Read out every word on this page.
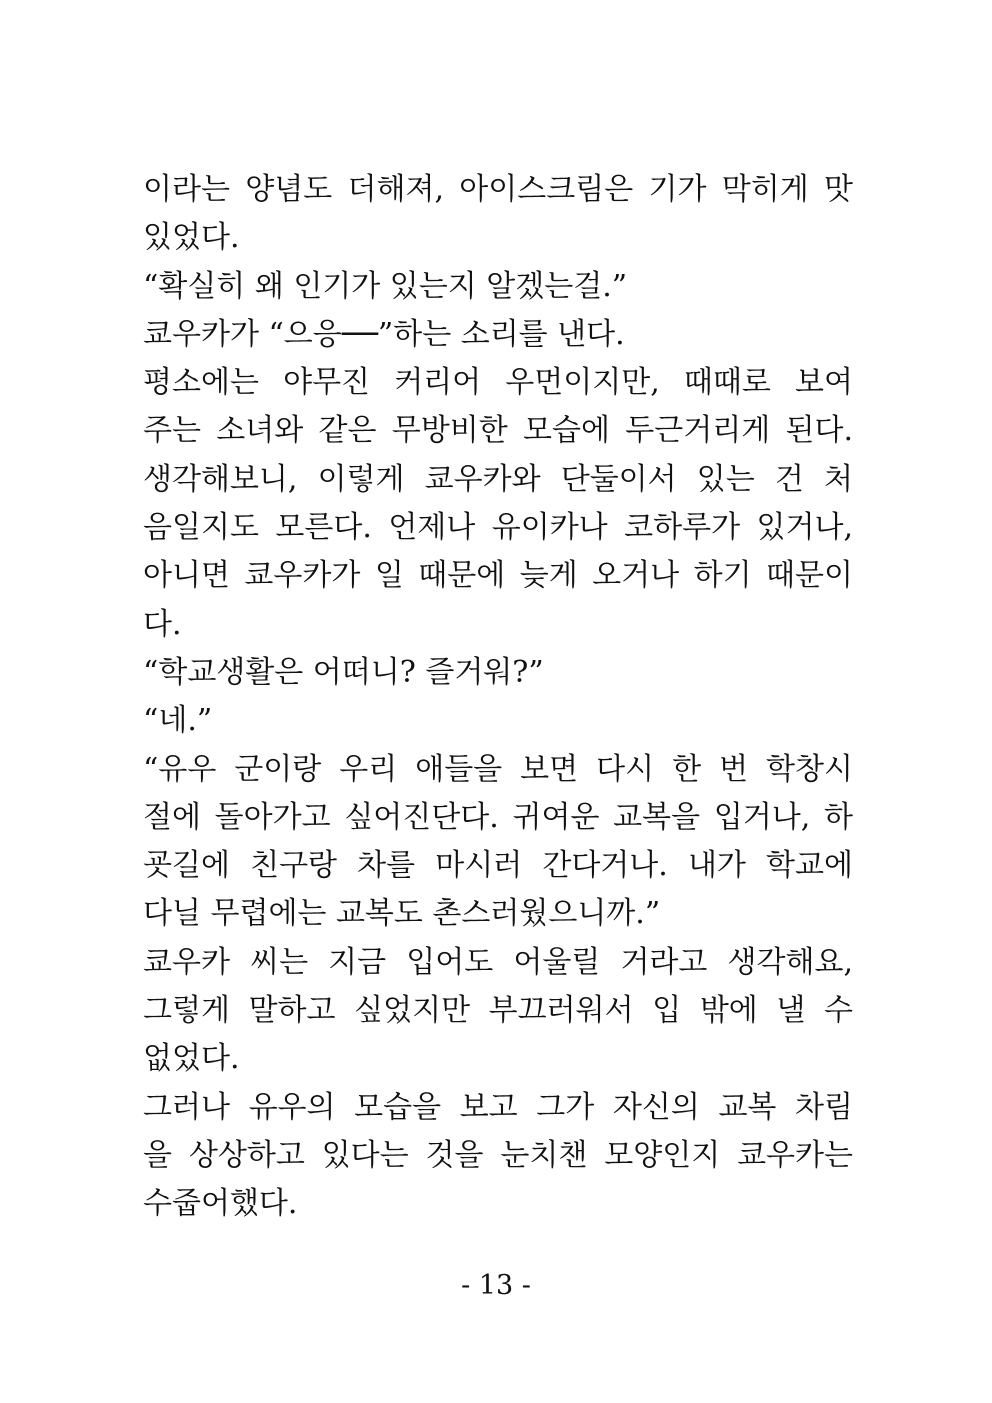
이라는 양념도 더해져, 아이스크림은 기가 막히게 맛
있었다.
“확실히 왜 인기가 있는지 알겠는걸.”
쿄우카가 “으응──”하는 소리를 낸다.
평소에는 야무진 커리어 우먼이지만, 때때로 보여
주는 소녀와 같은 무방비한 모습에 두근거리게 된다.
생각해보니, 이렇게 쿄우카와 단둘이서 있는 건 처
음일지도 모른다. 언제나 유이카나 코하루가 있거나,
아니면 쿄우카가 일 때문에 늦게 오거나 하기 때문이
다.
“학교생활은 어떠니? 즐거워?”
“네.”
“유우 군이랑 우리 애들을 보면 다시 한 번 학창시
절에 돌아가고 싶어진단다. 귀여운 교복을 입거나, 하
굣길에 친구랑 차를 마시러 간다거나. 내가 학교에
다닐 무렵에는 교복도 촌스러웠으니까.”
쿄우카 씨는 지금 입어도 어울릴 거라고 생각해요,
그렇게 말하고 싶었지만 부끄러워서 입 밖에 낼 수
없었다.
그러나 유우의 모습을 보고 그가 자신의 교복 차림
을 상상하고 있다는 것을 눈치챈 모양인지 쿄우카는
수줍어했다.
- 13 -
